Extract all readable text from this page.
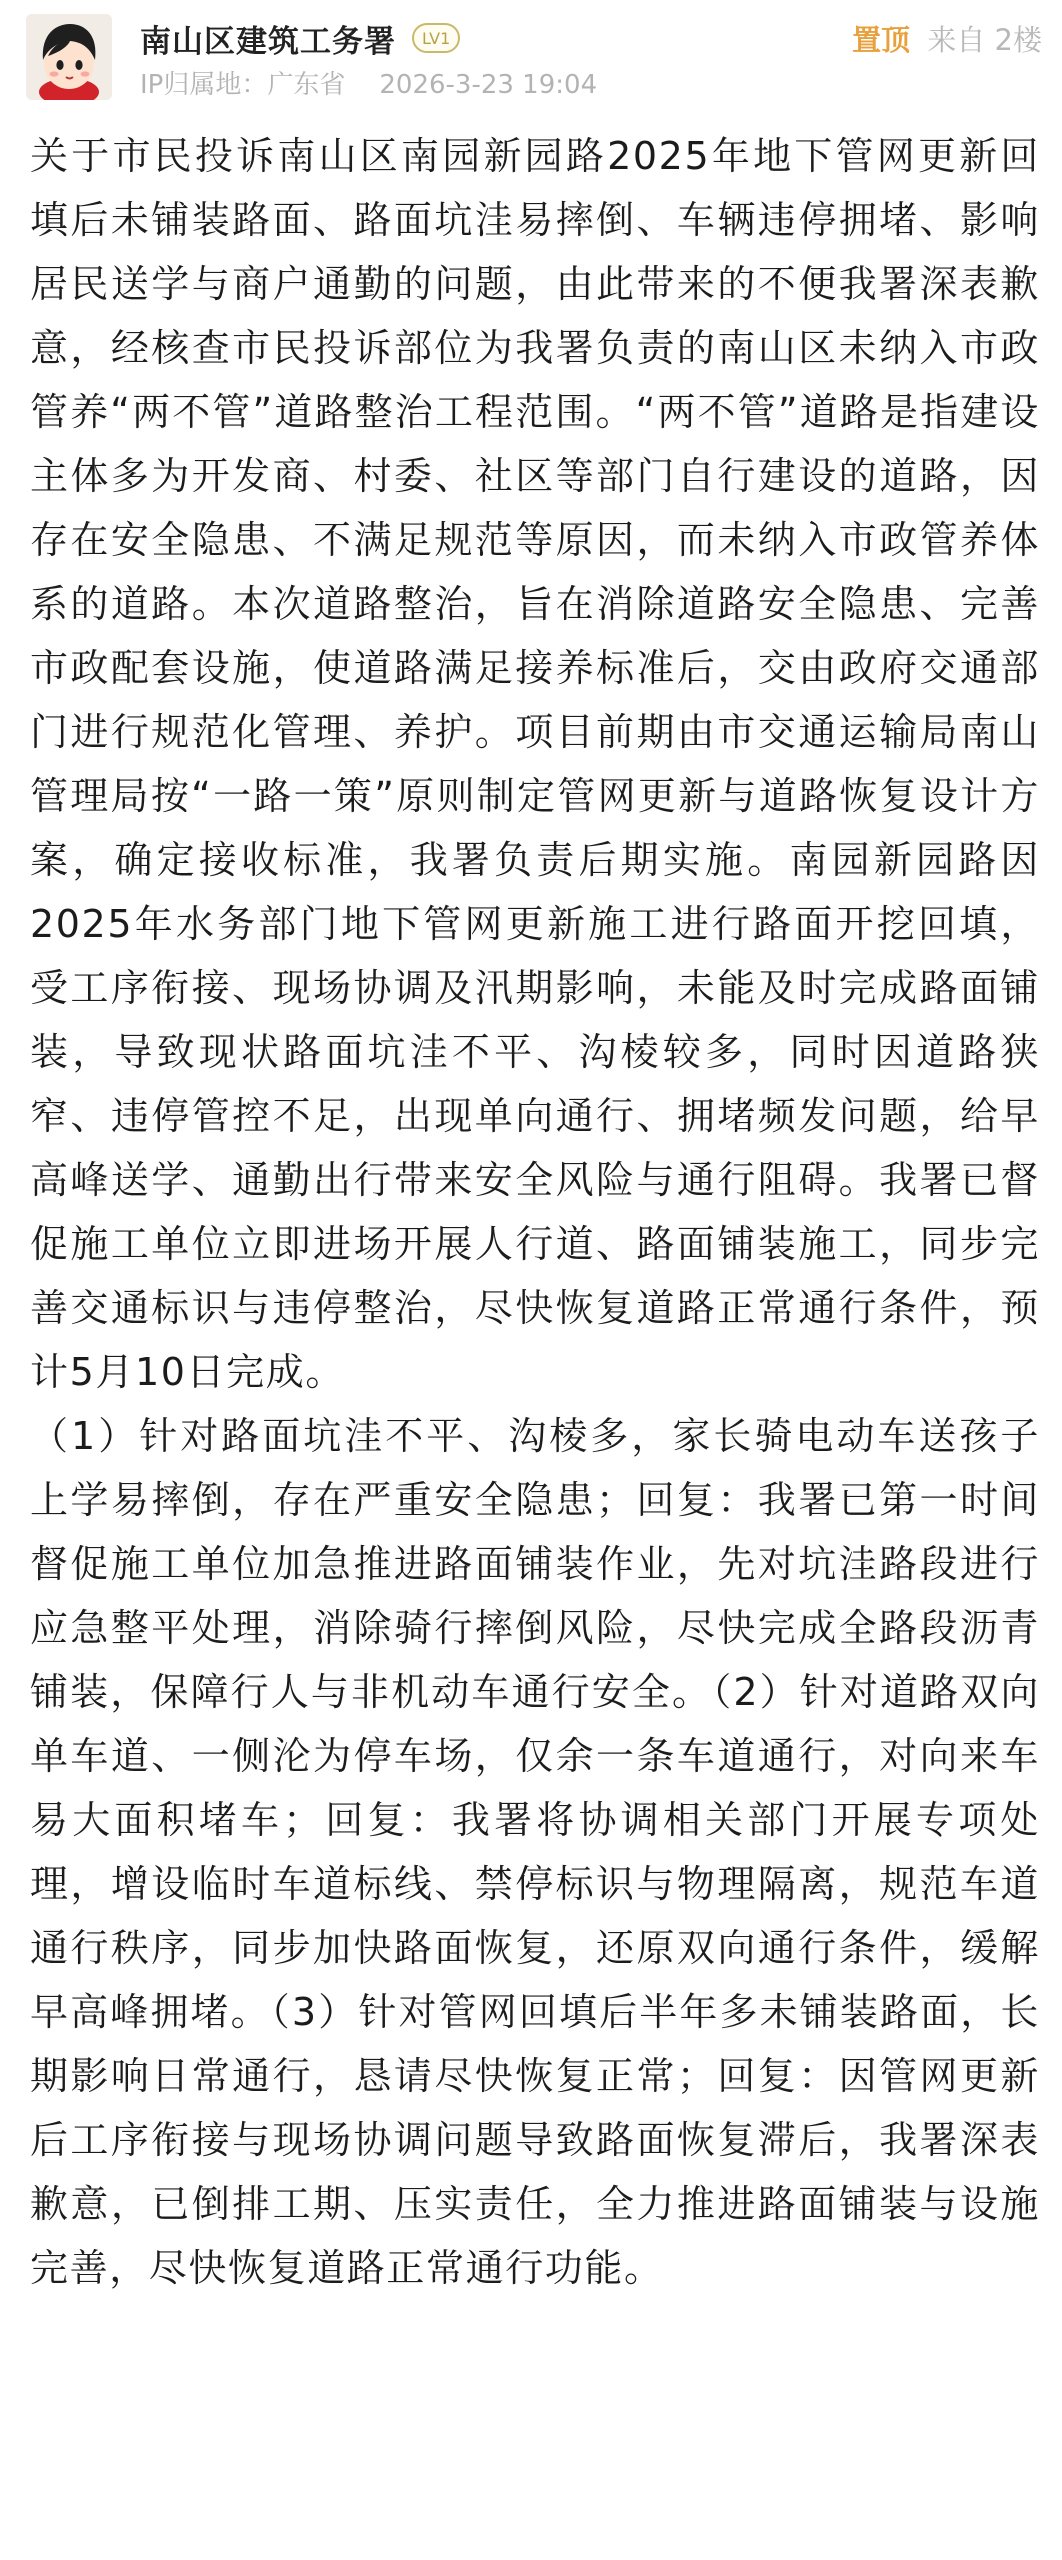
南山区建筑工务署	LV1
IP归属地：广东省 2026-3-23 19:04
置顶 来自 2楼

关于市民投诉南山区南园新园路2025年地下管网更新回填后未铺装路面、路面坑洼易摔倒、车辆违停拥堵、影响居民送学与商户通勤的问题，由此带来的不便我署深表歉意，经核查市民投诉部位为我署负责的南山区未纳入市政管养“两不管”道路整治工程范围。“两不管”道路是指建设主体多为开发商、村委、社区等部门自行建设的道路，因存在安全隐患、不满足规范等原因，而未纳入市政管养体系的道路。本次道路整治，旨在消除道路安全隐患、完善市政配套设施，使道路满足接养标准后，交由政府交通部门进行规范化管理、养护。项目前期由市交通运输局南山管理局按“一路一策”原则制定管网更新与道路恢复设计方案，确定接收标准，我署负责后期实施。南园新园路因2025年水务部门地下管网更新施工进行路面开挖回填，受工序衔接、现场协调及汛期影响，未能及时完成路面铺装，导致现状路面坑洼不平、沟棱较多，同时因道路狭窄、违停管控不足，出现单向通行、拥堵频发问题，给早高峰送学、通勤出行带来安全风险与通行阻碍。我署已督促施工单位立即进场开展人行道、路面铺装施工，同步完善交通标识与违停整治，尽快恢复道路正常通行条件，预计5月10日完成。

（1）针对路面坑洼不平、沟棱多，家长骑电动车送孩子上学易摔倒，存在严重安全隐患；回复：我署已第一时间督促施工单位加急推进路面铺装作业，先对坑洼路段进行应急整平处理，消除骑行摔倒风险，尽快完成全路段沥青铺装，保障行人与非机动车通行安全。（2）针对道路双向单车道、一侧沦为停车场，仅余一条车道通行，对向来车易大面积堵车；回复：我署将协调相关部门开展专项处理，增设临时车道标线、禁停标识与物理隔离，规范车道通行秩序，同步加快路面恢复，还原双向通行条件，缓解早高峰拥堵。（3）针对管网回填后半年多未铺装路面，长期影响日常通行，恳请尽快恢复正常；回复：因管网更新后工序衔接与现场协调问题导致路面恢复滞后，我署深表歉意，已倒排工期、压实责任，全力推进路面铺装与设施完善，尽快恢复道路正常通行功能。
